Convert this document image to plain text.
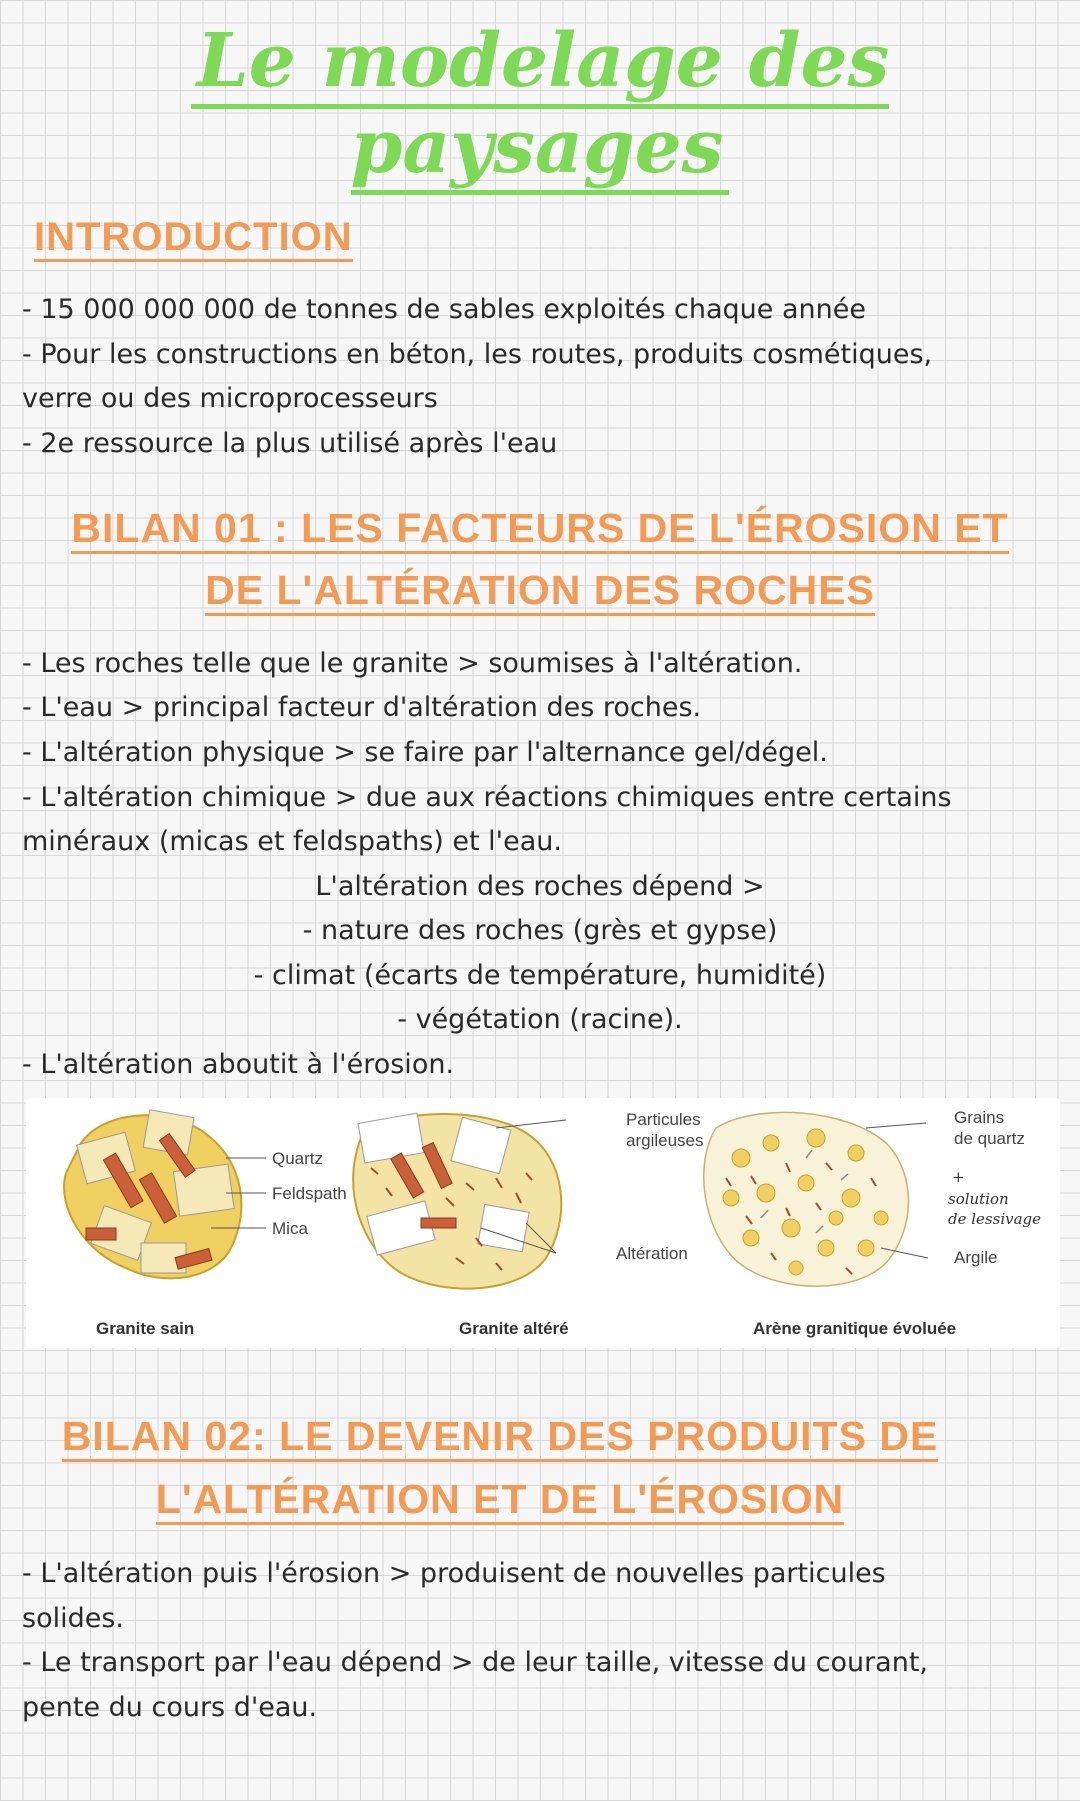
Le modelage des paysages
INTRODUCTION

- 15 000 000 000 de tonnes de sables exploités chaque année

- Pour les constructions en béton, les routes, produits cosmétiques,

verre ou des microprocesseurs

- 2e ressource la plus utilisé après l'eau

BILAN 01 : LES FACTEURS DE L'ÉROSION ET
DE L'ALTÉRATION DES ROCHES

- Les roches telle que le granite > soumises à l'altération.

- L'eau > principal facteur d'altération des roches.

- L'altération physique > se faire par l'alternance gel/dégel.

- L'altération chimique > due aux réactions chimiques entre certains

minéraux (micas et feldspaths) et l'eau.

L'altération des roches dépend >

- nature des roches (grès et gypse)

- climat (écarts de température, humidité)

- végétation (racine).

- L'altération aboutit à l'érosion.

Quartz
Feldspath
Mica
Granite sain
Particules
argileuses
Altération
Granite altéré
Grains
de quartz
+
solution
de lessivage
Argile
Arène granitique évoluée
BILAN 02: LE DEVENIR DES PRODUITS DE
L'ALTÉRATION ET DE L'ÉROSION

- L'altération puis l'érosion > produisent de nouvelles particules

solides.

- Le transport par l'eau dépend > de leur taille, vitesse du courant,

pente du cours d'eau.
